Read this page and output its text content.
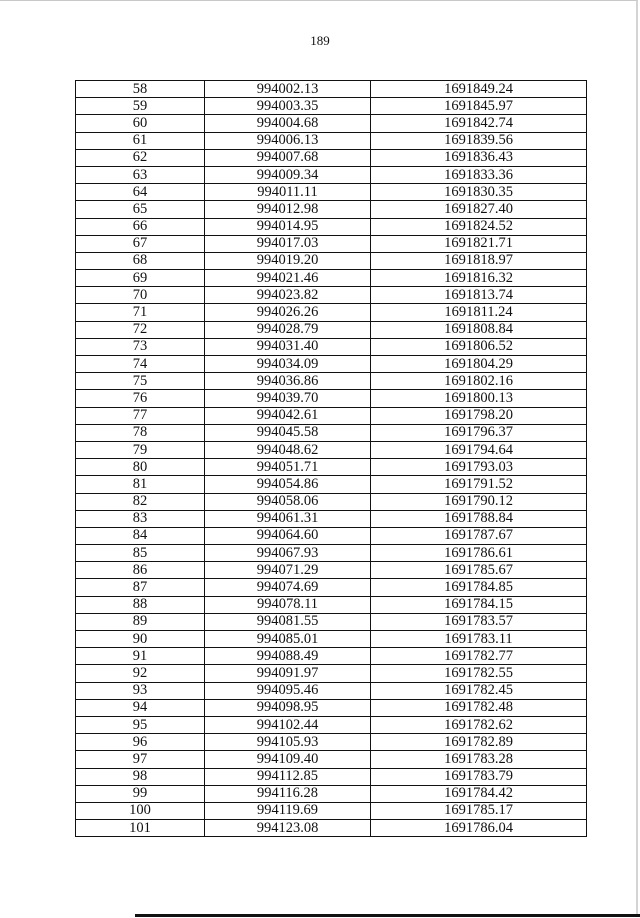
189
58	994002.13	1691849.24
59	994003.35	1691845.97
60	994004.68	1691842.74
61	994006.13	1691839.56
62	994007.68	1691836.43
63	994009.34	1691833.36
64	994011.11	1691830.35
65	994012.98	1691827.40
66	994014.95	1691824.52
67	994017.03	1691821.71
68	994019.20	1691818.97
69	994021.46	1691816.32
70	994023.82	1691813.74
71	994026.26	1691811.24
72	994028.79	1691808.84
73	994031.40	1691806.52
74	994034.09	1691804.29
75	994036.86	1691802.16
76	994039.70	1691800.13
77	994042.61	1691798.20
78	994045.58	1691796.37
79	994048.62	1691794.64
80	994051.71	1691793.03
81	994054.86	1691791.52
82	994058.06	1691790.12
83	994061.31	1691788.84
84	994064.60	1691787.67
85	994067.93	1691786.61
86	994071.29	1691785.67
87	994074.69	1691784.85
88	994078.11	1691784.15
89	994081.55	1691783.57
90	994085.01	1691783.11
91	994088.49	1691782.77
92	994091.97	1691782.55
93	994095.46	1691782.45
94	994098.95	1691782.48
95	994102.44	1691782.62
96	994105.93	1691782.89
97	994109.40	1691783.28
98	994112.85	1691783.79
99	994116.28	1691784.42
100	994119.69	1691785.17
101	994123.08	1691786.04
